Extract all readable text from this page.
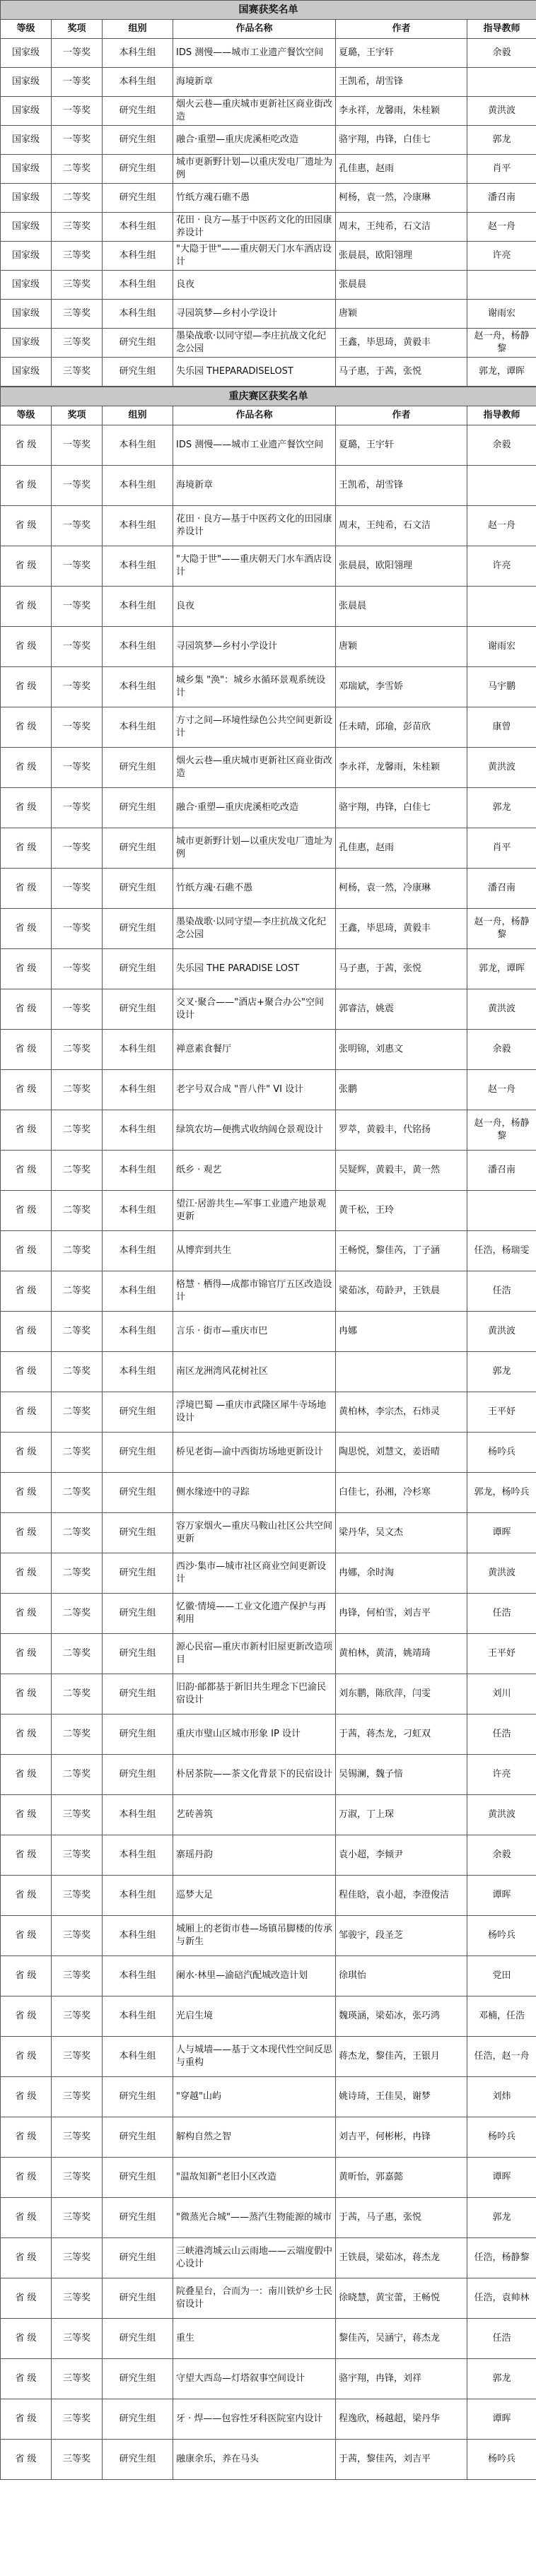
国赛获奖名单					
等级	奖项	组别	作品名称	作者	指导教师
国家级	一等奖	本科生组	IDS 测慢——城市工业遗产餐饮空间	夏璐，王宇轩	余毅
国家级	一等奖	本科生组	海境新章	王凯希，胡雪锋	
国家级	一等奖	研究生组	烟火云巷—重庆城市更新社区商业街改造	李永祥，龙馨雨，朱桂颖	黄洪波
国家级	一等奖	研究生组	融合·重塑—重庆虎溪柜吃改造	骆宇翔，冉锋，白佳七	郭龙
国家级	二等奖	研究生组	城市更新野计划—以重庆发电厂遗址为例	孔佳惠，赵雨	肖平
国家级	二等奖	研究生组	竹纸方魂石礁不愚	柯杨，袁一然，冷康琳	潘召南
国家级	三等奖	本科生组	花田 · 良方—基于中医药文化的田园康养设计	周末，王纯希，石文洁	赵一舟
国家级	三等奖	本科生组	"大隐于世"——重庆朝天门水车酒店设计	张晨晨，欧阳翎理	许亮
国家级	三等奖	本科生组	良夜	张晨晨	
国家级	三等奖	本科生组	寻园筑梦—乡村小学设计	唐颖	谢雨宏
国家级	三等奖	研究生组	墨染战歌·以同守望—李庄抗战文化纪念公园	王鑫，毕思琦，黄毅丰	赵一舟，杨静黎
国家级	三等奖	研究生组	失乐园 THEPARADISELOST	马子惠，于茜，张悦	郭龙，谭晖
重庆赛区获奖名单					
等级	奖项	组别	作品名称	作者	指导教师
省 级	一等奖	本科生组	IDS 测慢——城市工业遗产餐饮空间	夏璐，王宇轩	余毅
省 级	一等奖	本科生组	海境新章	王凯希，胡雪锋	
省 级	一等奖	本科生组	花田 · 良方—基于中医药文化的田园康养设计	周末，王纯希，石文洁	赵一舟
省 级	一等奖	本科生组	"大隐于世"——重庆朝天门水车酒店设计	张晨晨，欧阳翎理	许亮
省 级	一等奖	本科生组	良夜	张晨晨	
省 级	一等奖	本科生组	寻园筑梦—乡村小学设计	唐颖	谢雨宏
省 级	一等奖	本科生组	城乡集 "涣"：城乡水循环景观系统设计	邓瑞斌，李雪娇	马宇鹏
省 级	一等奖	本科生组	方寸之间—环境性绿色公共空间更新设计	任未晴，邱瑜，彭苗欣	康曾
省 级	一等奖	研究生组	烟火云巷—重庆城市更新社区商业街改造	李永祥，龙馨雨，朱桂颖	黄洪波
省 级	一等奖	研究生组	融合·重塑—重庆虎溪柜吃改造	骆宇翔，冉锋，白佳七	郭龙
省 级	一等奖	研究生组	城市更新野计划—以重庆发电厂遗址为例	孔佳惠，赵雨	肖平
省 级	一等奖	研究生组	竹纸方魂·石礁不愚	柯杨，袁一然，冷康琳	潘召南
省 级	一等奖	研究生组	墨染战歌·以同守望—李庄抗战文化纪念公园	王鑫，毕思琦，黄毅丰	赵一舟，杨静黎
省 级	一等奖	研究生组	失乐园 THE PARADISE LOST	马子惠，于茜，张悦	郭龙，谭晖
省 级	一等奖	研究生组	交叉·聚合——"酒店+聚合办公"空间设计	郭睿洁，姚震	黄洪波
省 级	二等奖	本科生组	禅意素食餐厅	张明锦，刘惠文	余毅
省 级	二等奖	本科生组	老字号双合成 "晋八件" VI 设计	张鹏	赵一舟
省 级	二等奖	本科生组	绿筑农坊—便携式收纳阔仓景观设计	罗萃，黄毅丰，代铭扬	赵一舟，杨静黎
省 级	二等奖	本科生组	纸乡 · 观艺	吴疑辉，黄毅丰，黄一然	潘召南
省 级	二等奖	本科生组	望江·居游共生—军事工业遗产地景观更新	黄千松，王玲	
省 级	二等奖	本科生组	从博弈到共生	王畅悦，黎佳芮，丁子涵	任浩，杨瑞雯
省 级	二等奖	本科生组	格慧 · 栖得—成都市锦官厅五区改造设计	梁茹冰，苟龄尹，王铁晨	任浩
省 级	二等奖	本科生组	言乐 · 街市—重庆市巴	冉娜	黄洪波
省 级	二等奖	本科生组	南区龙洲湾风花树社区		郭龙
省 级	二等奖	研究生组	浮境巴蜀 —重庆市武隆区犀牛寺场地设计	黄柏林，李宗杰，石炜灵	王平妤
省 级	二等奖	研究生组	桥见老街—渝中西街坊场地更新设计	陶思悦，刘慧文，姜语晴	杨吟兵
省 级	二等奖	研究生组	侧水缘迹中的寻踪	白佳七，孙湘，冷杉寒	郭龙，杨吟兵
省 级	二等奖	研究生组	容万家烟火—重庆马鞍山社区公共空间更新	梁丹华，吴文杰	谭晖
省 级	二等奖	研究生组	西沙·集市—城市社区商业空间更新设计	冉娜，余时淘	黄洪波
省 级	二等奖	研究生组	忆徽·情境——工业文化遗产保护与再利用	冉锋，何柏雪，刘吉平	任浩
省 级	二等奖	研究生组	源心民宿—重庆市新村旧屋更新改造项目	黄柏林，黄清，姚靖琦	王平妤
省 级	二等奖	研究生组	旧韵·邮都基于新旧共生理念下巴渝民宿设计	刘东鹏，陈欣萍，闫雯	刘川
省 级	二等奖	研究生组	重庆市璧山区城市形象 IP 设计	于茜，蒋杰龙，刁虹双	任浩
省 级	二等奖	研究生组	朴居茶院——茶文化背景下的民宿设计	吴锡澜，魏子愔	许亮
省 级	三等奖	本科生组	艺砖善筑	万淑，丁上琛	黄洪波
省 级	三等奖	本科生组	寨瑶丹韵	袁小超，李倾尹	余毅
省 级	三等奖	本科生组	巡梦大足	程佳晗，袁小超，李澄俊洁	谭晖
省 级	三等奖	本科生组	城厢上的老街市巷—场镇吊脚楼的传承与新生	邹骏宇，段圣芝	杨吟兵
省 级	三等奖	本科生组	阑水·林里—渝碚汽配城改造计划	徐琪怡	党田
省 级	三等奖	本科生组	光启生境	魏瑛涵，梁茹冰，张巧鸿	邓楠，任浩
省 级	三等奖	本科生组	人与城墙——基于文本现代性空间反思与重构	蒋杰龙，黎佳芮，王银月	任浩，赵一舟
省 级	三等奖	研究生组	"穿越"山屿	姚诗琦，王佳昊，谢梦	刘炜
省 级	三等奖	研究生组	解构自然之智	刘吉平，何彬彬，冉锋	杨吟兵
省 级	三等奖	研究生组	"温故知新"老旧小区改造	黄昕怡，郭嘉懿	谭晖
省 级	三等奖	研究生组	"微蒸光合城"——蒸汽生物能源的城市	于茜，马子惠，张悦	郭龙
省 级	三等奖	研究生组	三峡港湾城云山云雨地——云端度假中心设计	王铁晨，梁茹冰，蒋杰龙	任浩，杨静黎
省 级	三等奖	研究生组	院叠星台，合而为一：南川铁炉乡士民宿设计	徐晓慧，黄宝蕾，王畅悦	任浩，袁帅林
省 级	三等奖	研究生组	重生	黎佳芮，吴涵宁，蒋杰龙	任浩
省 级	三等奖	研究生组	守望大西岛—灯塔叙事空间设计	骆宇翔，冉锋，刘祥	郭龙
省 级	三等奖	研究生组	牙 · 焊——包容性牙科医院室内设计	程逸欣，杨越超，梁丹华	谭晖
省 级	三等奖	研究生组	融康余乐，养在马头	于茜，黎佳芮，刘吉平	杨吟兵
